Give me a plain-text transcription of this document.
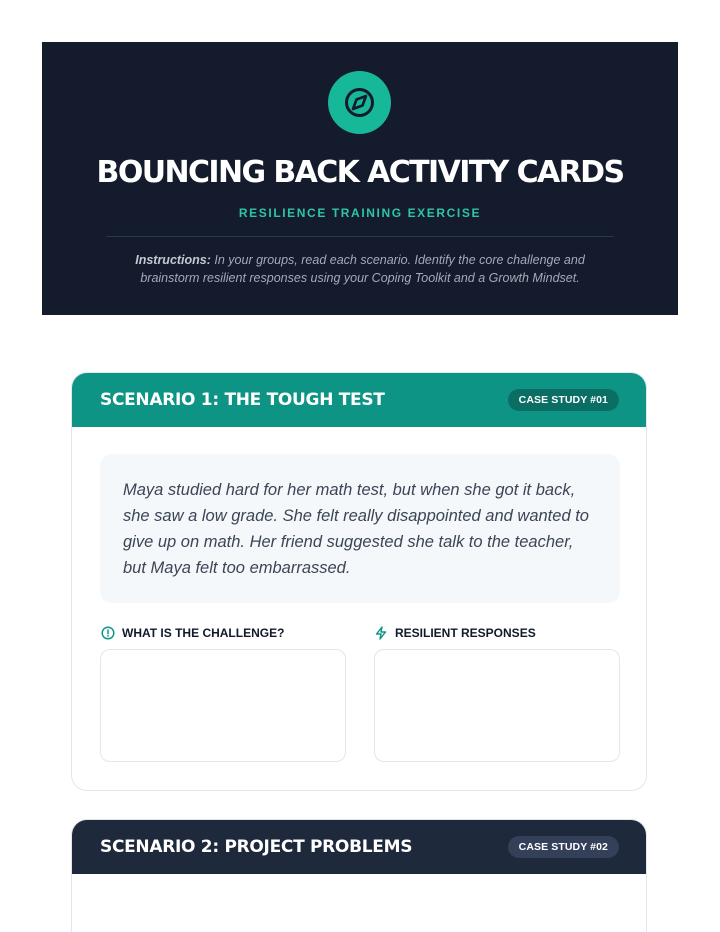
BOUNCING BACK ACTIVITY CARDS
RESILIENCE TRAINING EXERCISE
Instructions: In your groups, read each scenario. Identify the core challenge and brainstorm resilient responses using your Coping Toolkit and a Growth Mindset.
SCENARIO 1: THE TOUGH TEST	CASE STUDY #01
Maya studied hard for her math test, but when she got it back, she saw a low grade. She felt really disappointed and wanted to give up on math. Her friend suggested she talk to the teacher, but Maya felt too embarrassed.
WHAT IS THE CHALLENGE?	RESILIENT RESPONSES
SCENARIO 2: PROJECT PROBLEMS	CASE STUDY #02
